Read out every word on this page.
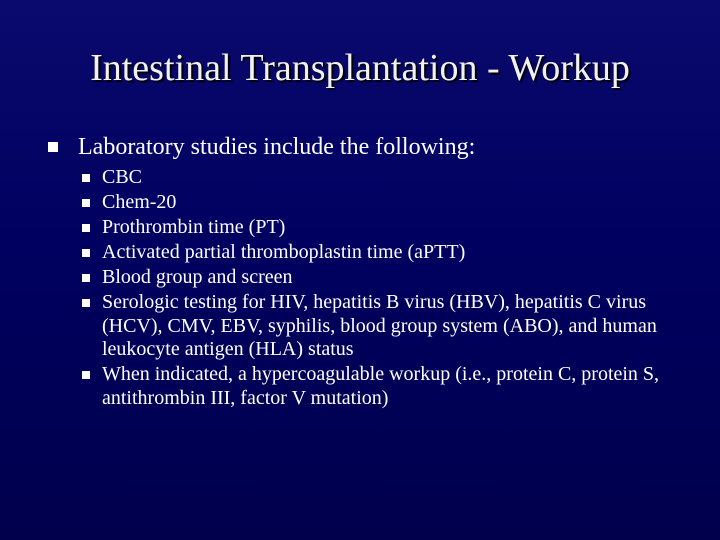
Intestinal Transplantation - Workup
Laboratory studies include the following:
CBC
Chem-20
Prothrombin time (PT)
Activated partial thromboplastin time (aPTT)
Blood group and screen
Serologic testing for HIV, hepatitis B virus (HBV), hepatitis C virus (HCV), CMV, EBV, syphilis, blood group system (ABO), and human leukocyte antigen (HLA) status
When indicated, a hypercoagulable workup (i.e., protein C, protein S, antithrombin III, factor V mutation)
